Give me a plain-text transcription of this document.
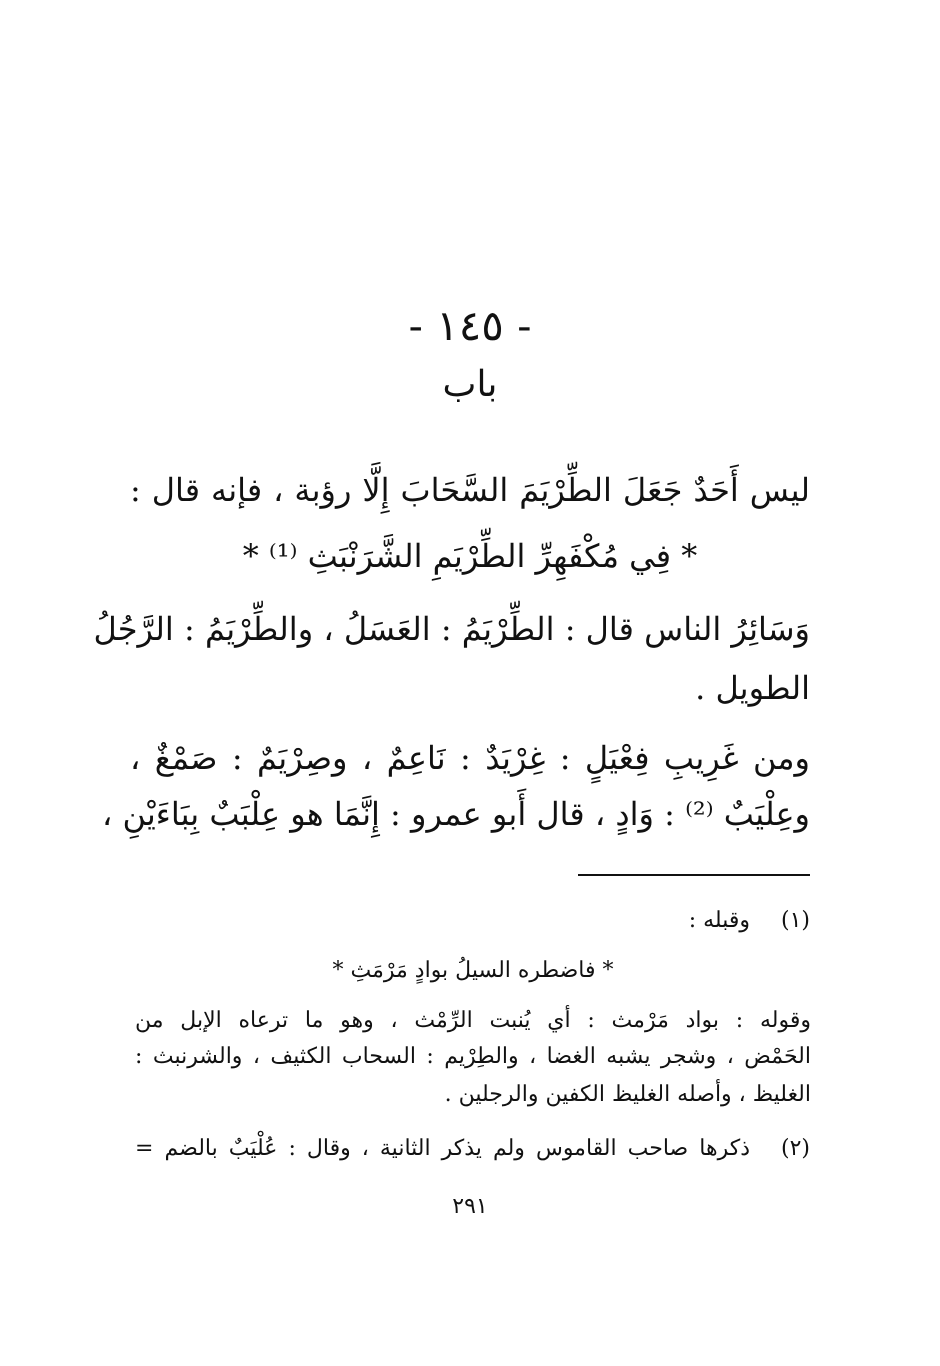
- ١٤٥ -
باب
ليس أَحَدٌ جَعَلَ الطِّرْيَمَ السَّحَابَ إِلَّا رؤبة ، فإنه قال :
* فِي مُكْفَهِرِّ الطِّرْيَمِ الشَّرَنْبَثِ ⁽¹⁾ *
وَسَائِرُ الناس قال : الطِّرْيَمُ : العَسَلُ ، والطِّرْيَمُ : الرَّجُلُ
الطويل .
ومن غَرِيبِ فِعْيَلٍ : غِرْيَدٌ : نَاعِمٌ ، وصِرْيَمٌ : صَمْغٌ ،
وعِلْيَبٌ ⁽²⁾ : وَادٍ ، قال أَبو عمرو : إِنَّمَا هو عِلْبَبٌ بِبَاءَيْنِ ،
(١)
وقبله :
* فاضطره السيلُ بوادٍ مَرْمَثِ *
وقوله : بواد مَرْمث : أي يُنبت الرِّمْث ، وهو ما ترعاه الإبل من
الحَمْض ، وشجر يشبه الغضا ، والطِرْيم : السحاب الكثيف ، والشرنبث :
الغليظ ، وأصله الغليظ الكفين والرجلين .
(٢)
ذكرها صاحب القاموس ولم يذكر الثانية ، وقال : عُلْيَبٌ بالضم =
٢٩١
